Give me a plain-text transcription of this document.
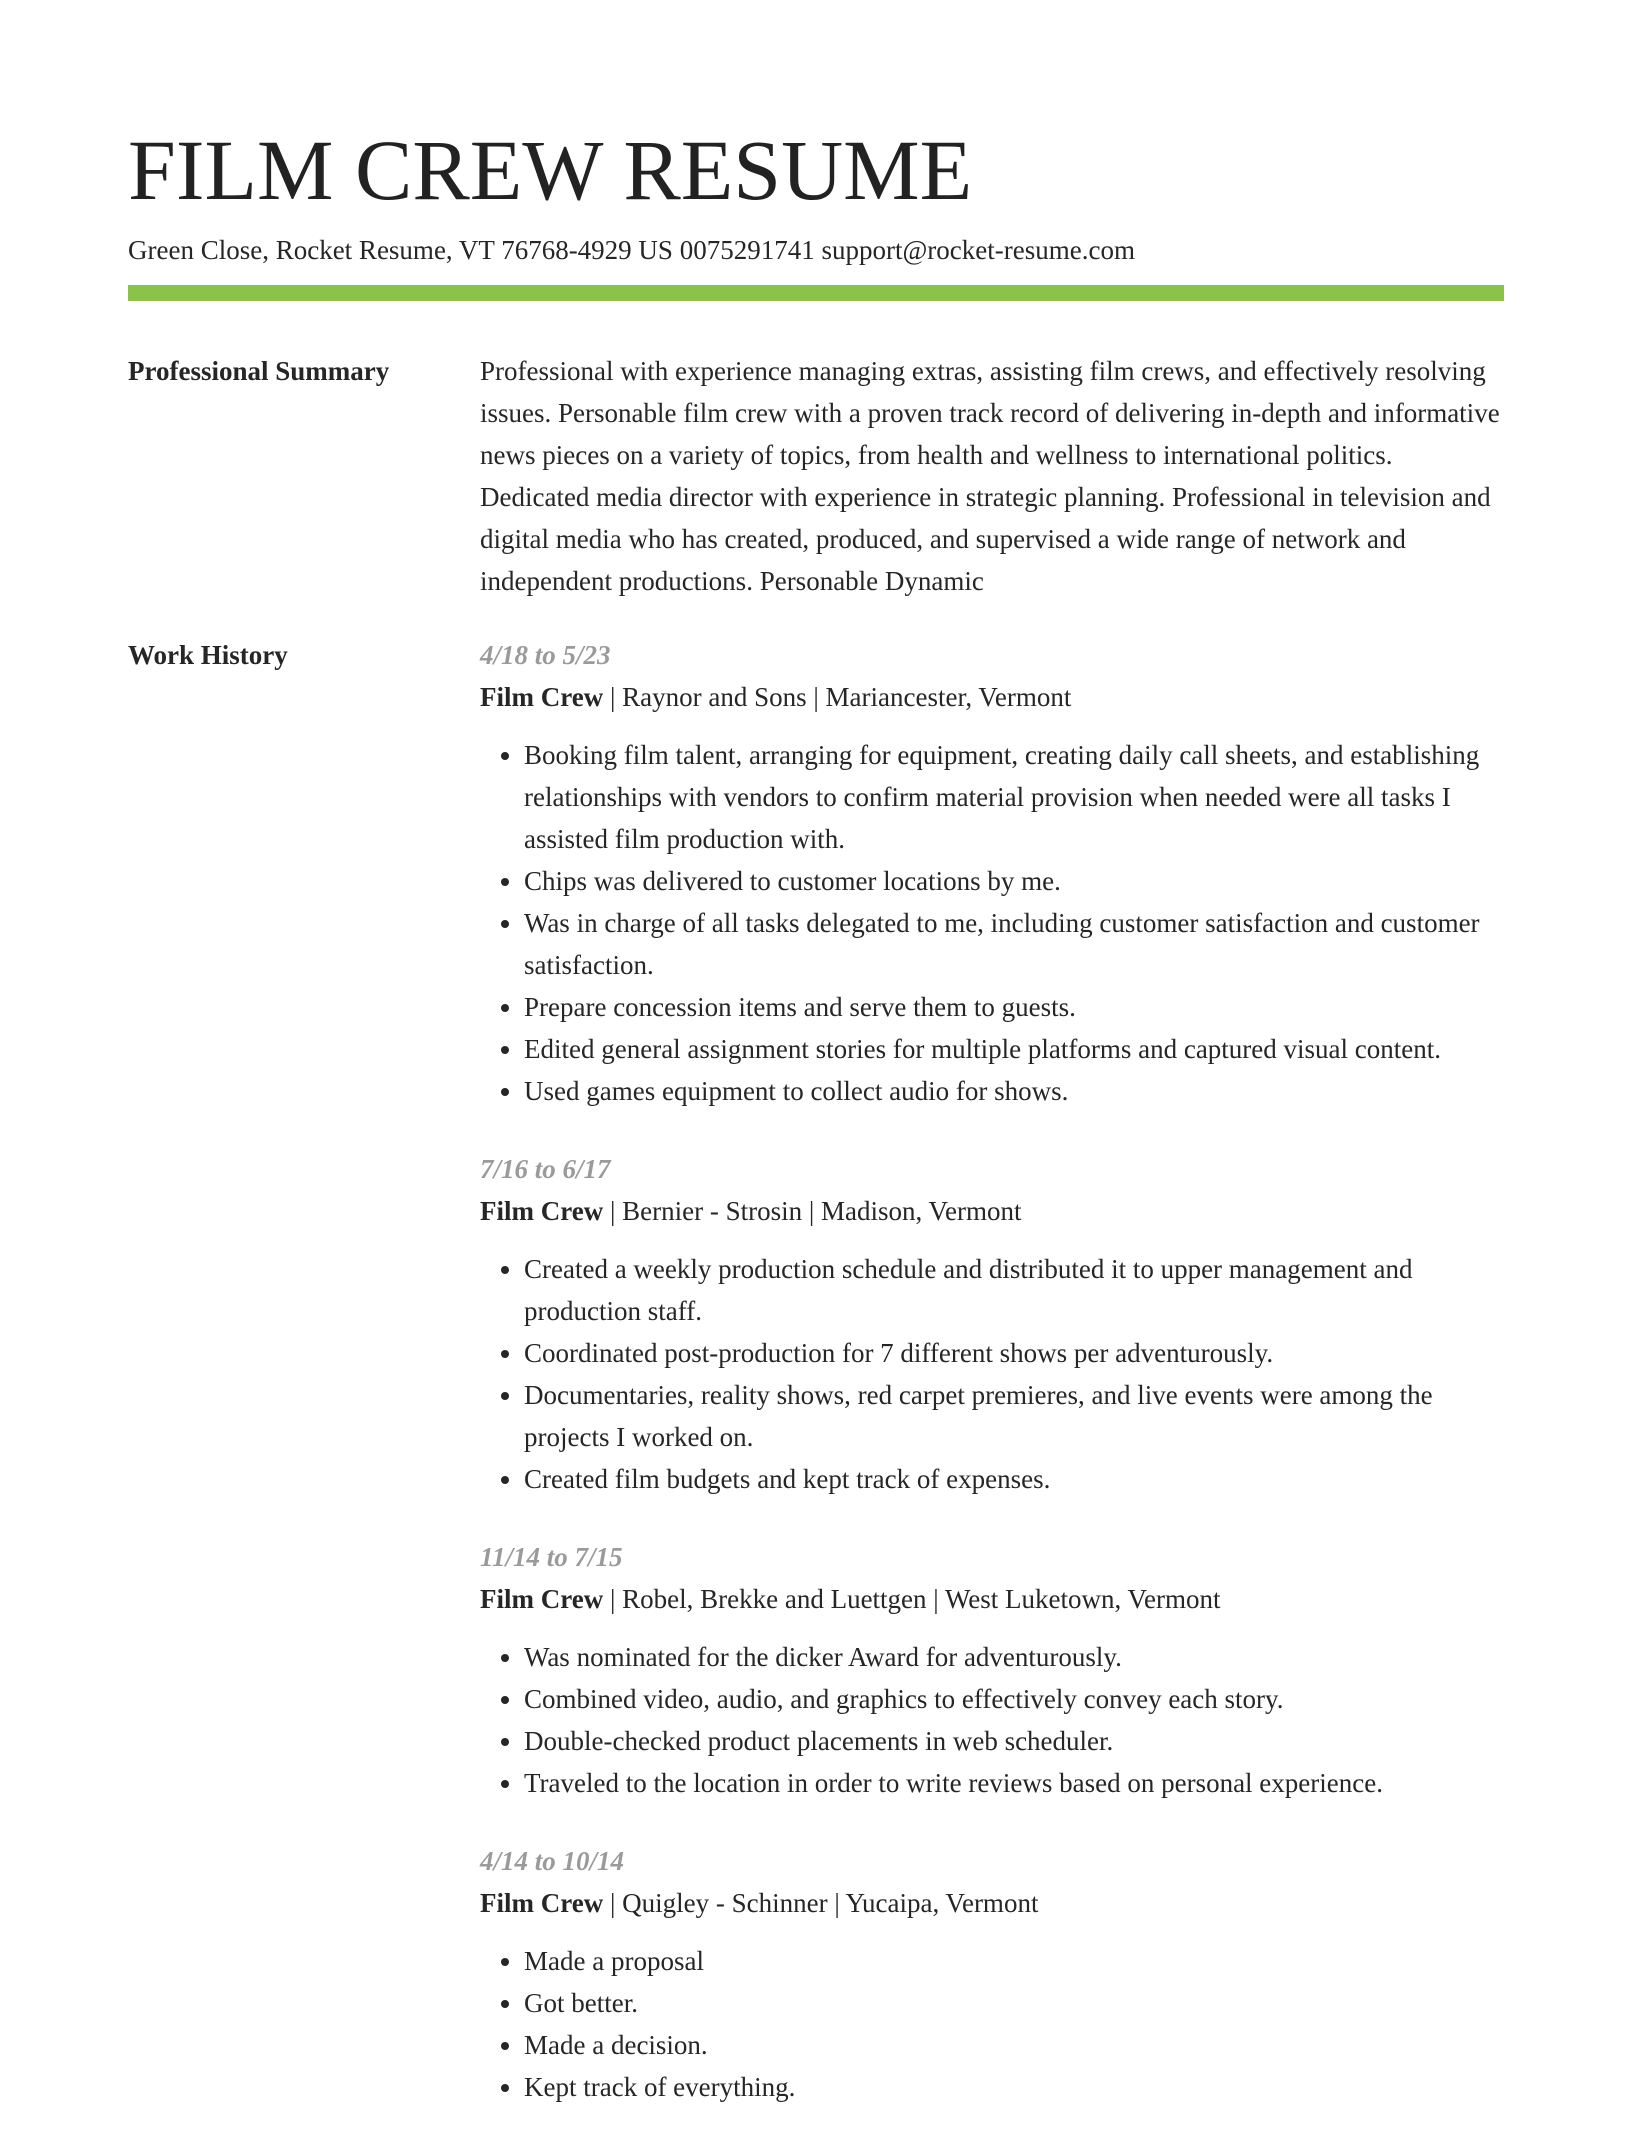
FILM CREW RESUME
Green Close, Rocket Resume, VT 76768-4929 US 0075291741 support@rocket-resume.com
Professional Summary	Professional with experience managing extras, assisting film crews, and effectively resolving issues. Personable film crew with a proven track record of delivering in-depth and informative news pieces on a variety of topics, from health and wellness to international politics. Dedicated media director with experience in strategic planning. Professional in television and digital media who has created, produced, and supervised a wide range of network and independent productions. Personable Dynamic

Work History	4/18 to 5/23
Film Crew | Raynor and Sons | Mariancester, Vermont
• Booking film talent, arranging for equipment, creating daily call sheets, and establishing relationships with vendors to confirm material provision when needed were all tasks I assisted film production with.
• Chips was delivered to customer locations by me.
• Was in charge of all tasks delegated to me, including customer satisfaction and customer satisfaction.
• Prepare concession items and serve them to guests.
• Edited general assignment stories for multiple platforms and captured visual content.
• Used games equipment to collect audio for shows.
7/16 to 6/17
Film Crew | Bernier - Strosin | Madison, Vermont
• Created a weekly production schedule and distributed it to upper management and production staff.
• Coordinated post-production for 7 different shows per adventurously.
• Documentaries, reality shows, red carpet premieres, and live events were among the projects I worked on.
• Created film budgets and kept track of expenses.
11/14 to 7/15
Film Crew | Robel, Brekke and Luettgen | West Luketown, Vermont
• Was nominated for the dicker Award for adventurously.
• Combined video, audio, and graphics to effectively convey each story.
• Double-checked product placements in web scheduler.
• Traveled to the location in order to write reviews based on personal experience.
4/14 to 10/14
Film Crew | Quigley - Schinner | Yucaipa, Vermont
• Made a proposal
• Got better.
• Made a decision.
• Kept track of everything.
